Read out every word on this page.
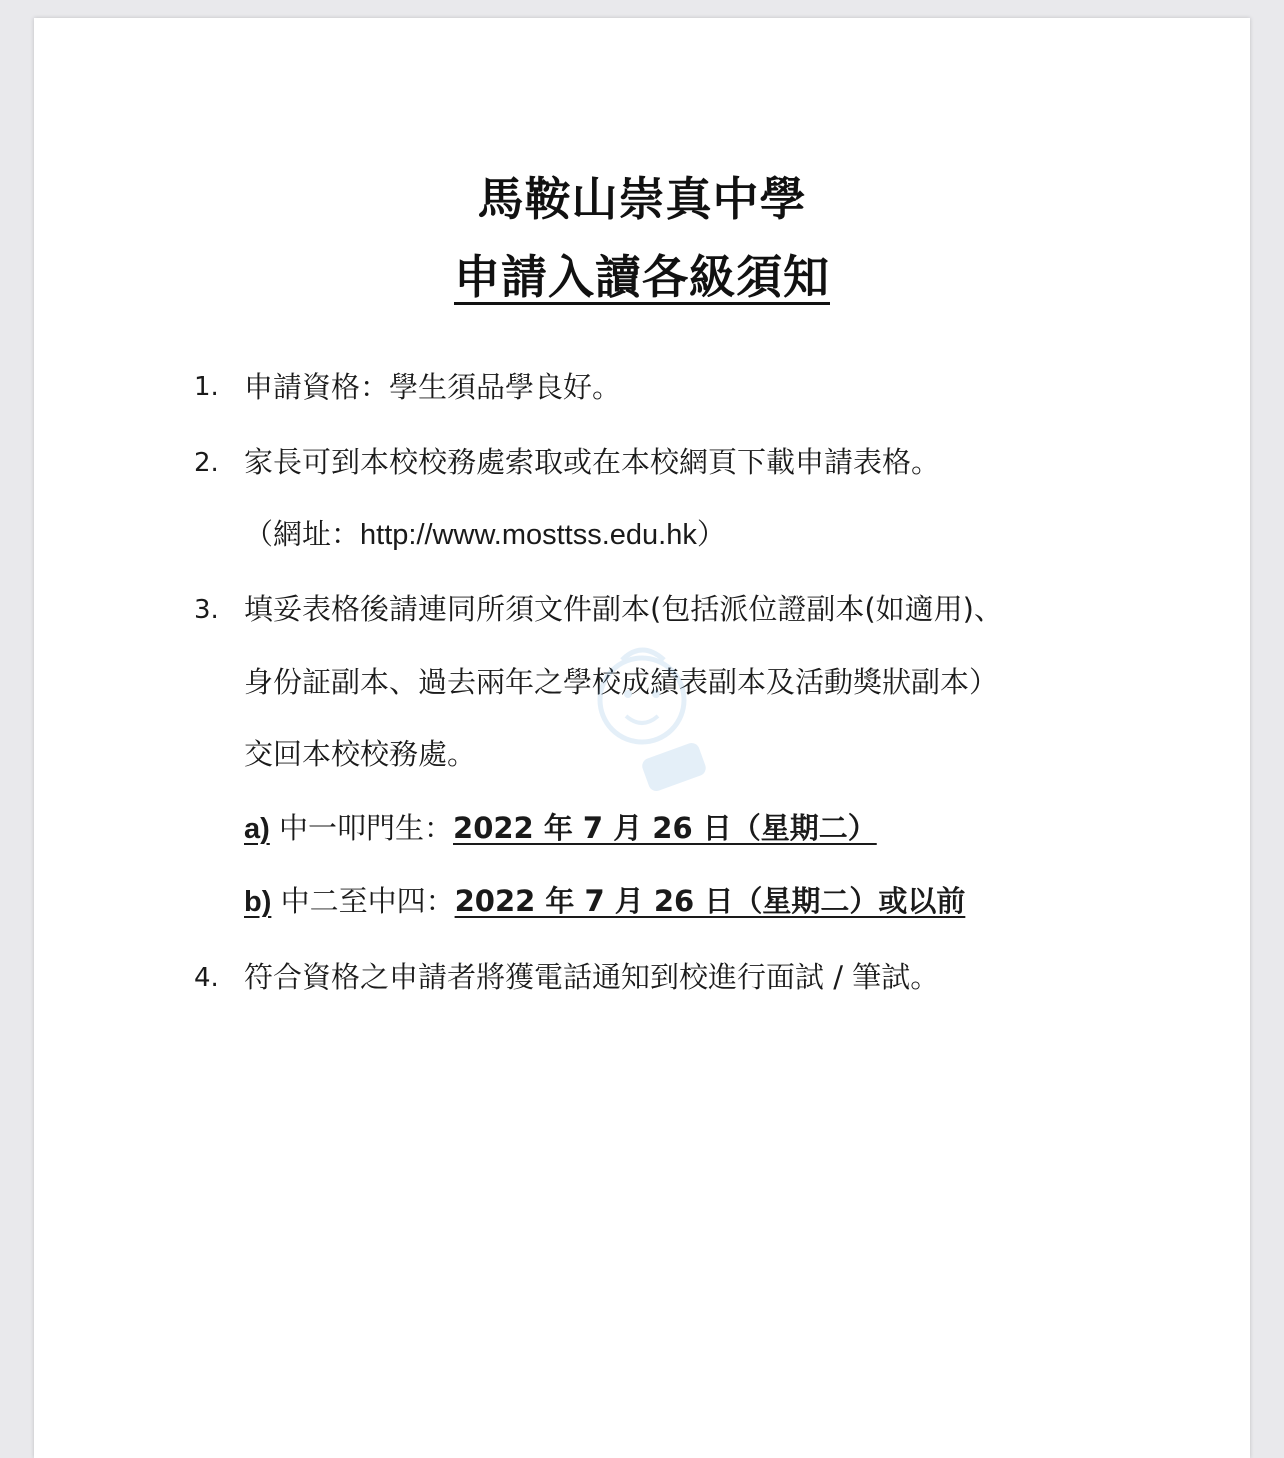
馬鞍山崇真中學
申請入讀各級須知
1. 申請資格：學生須品學良好。
2. 家長可到本校校務處索取或在本校網頁下載申請表格。
（網址：http://www.mosttss.edu.hk）
3. 填妥表格後請連同所須文件副本(包括派位證副本(如適用)、
身份証副本、過去兩年之學校成績表副本及活動獎狀副本）
交回本校校務處。
a) 中一叩門生：2022 年 7 月 26 日（星期二）
b) 中二至中四：2022 年 7 月 26 日（星期二）或以前
4. 符合資格之申請者將獲電話通知到校進行面試 / 筆試。
